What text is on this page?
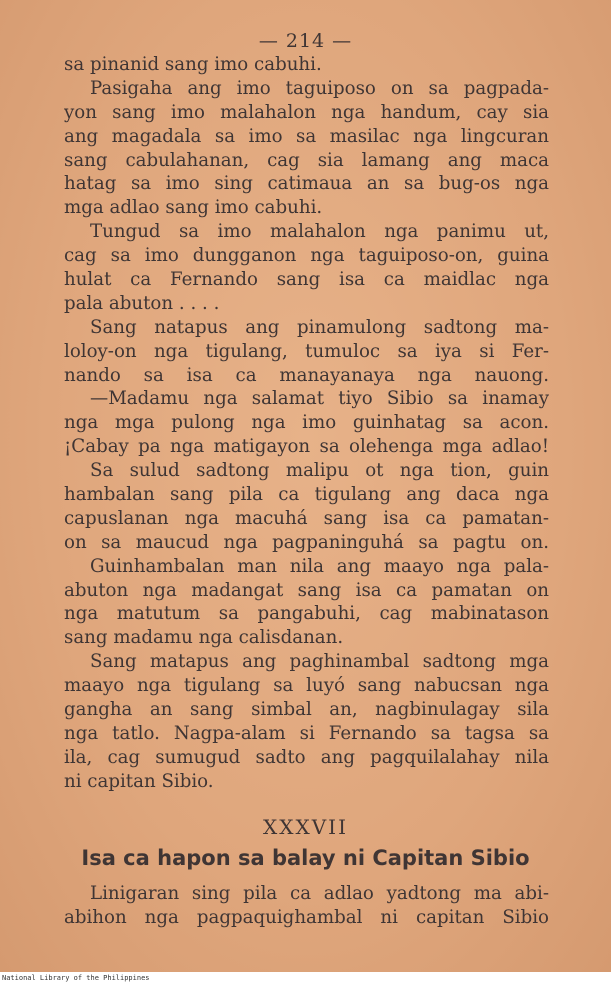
— 214 —
sa pinanid sang imo cabuhi.
Pasigaha ang imo taguiposo on sa pagpada-
yon sang imo malahalon nga handum, cay sia
ang magadala sa imo sa masilac nga lingcuran
sang cabulahanan, cag sia lamang ang maca
hatag sa imo sing catimaua an sa bug-os nga
mga adlao sang imo cabuhi.
Tungud sa imo malahalon nga panimu ut,
cag sa imo dungganon nga taguiposo-on, guina
hulat ca Fernando sang isa ca maidlac nga
pala abuton . . . .
Sang natapus ang pinamulong sadtong ma-
loloy-on nga tigulang, tumuloc sa iya si Fer-
nando sa isa ca manayanaya nga nauong.
—Madamu nga salamat tiyo Sibio sa inamay
nga mga pulong nga imo guinhatag sa acon.
¡Cabay pa nga matigayon sa olehenga mga adlao!
Sa sulud sadtong malipu ot nga tion, guin
hambalan sang pila ca tigulang ang daca nga
capuslanan nga macuhá sang isa ca pamatan-
on sa maucud nga pagpaninguhá sa pagtu on.
Guinhambalan man nila ang maayo nga pala-
abuton nga madangat sang isa ca pamatan on
nga matutum sa pangabuhi, cag mabinatason
sang madamu nga calisdanan.
Sang matapus ang paghinambal sadtong mga
maayo nga tigulang sa luyó sang nabucsan nga
gangha an sang simbal an, nagbinulagay sila
nga tatlo. Nagpa-alam si Fernando sa tagsa sa
ila, cag sumugud sadto ang pagquilalahay nila
ni capitan Sibio.
XXXVII
Isa ca hapon sa balay ni Capitan Sibio
Linigaran sing pila ca adlao yadtong ma abi-
abihon nga pagpaquighambal ni capitan Sibio
National Library of the Philippines
